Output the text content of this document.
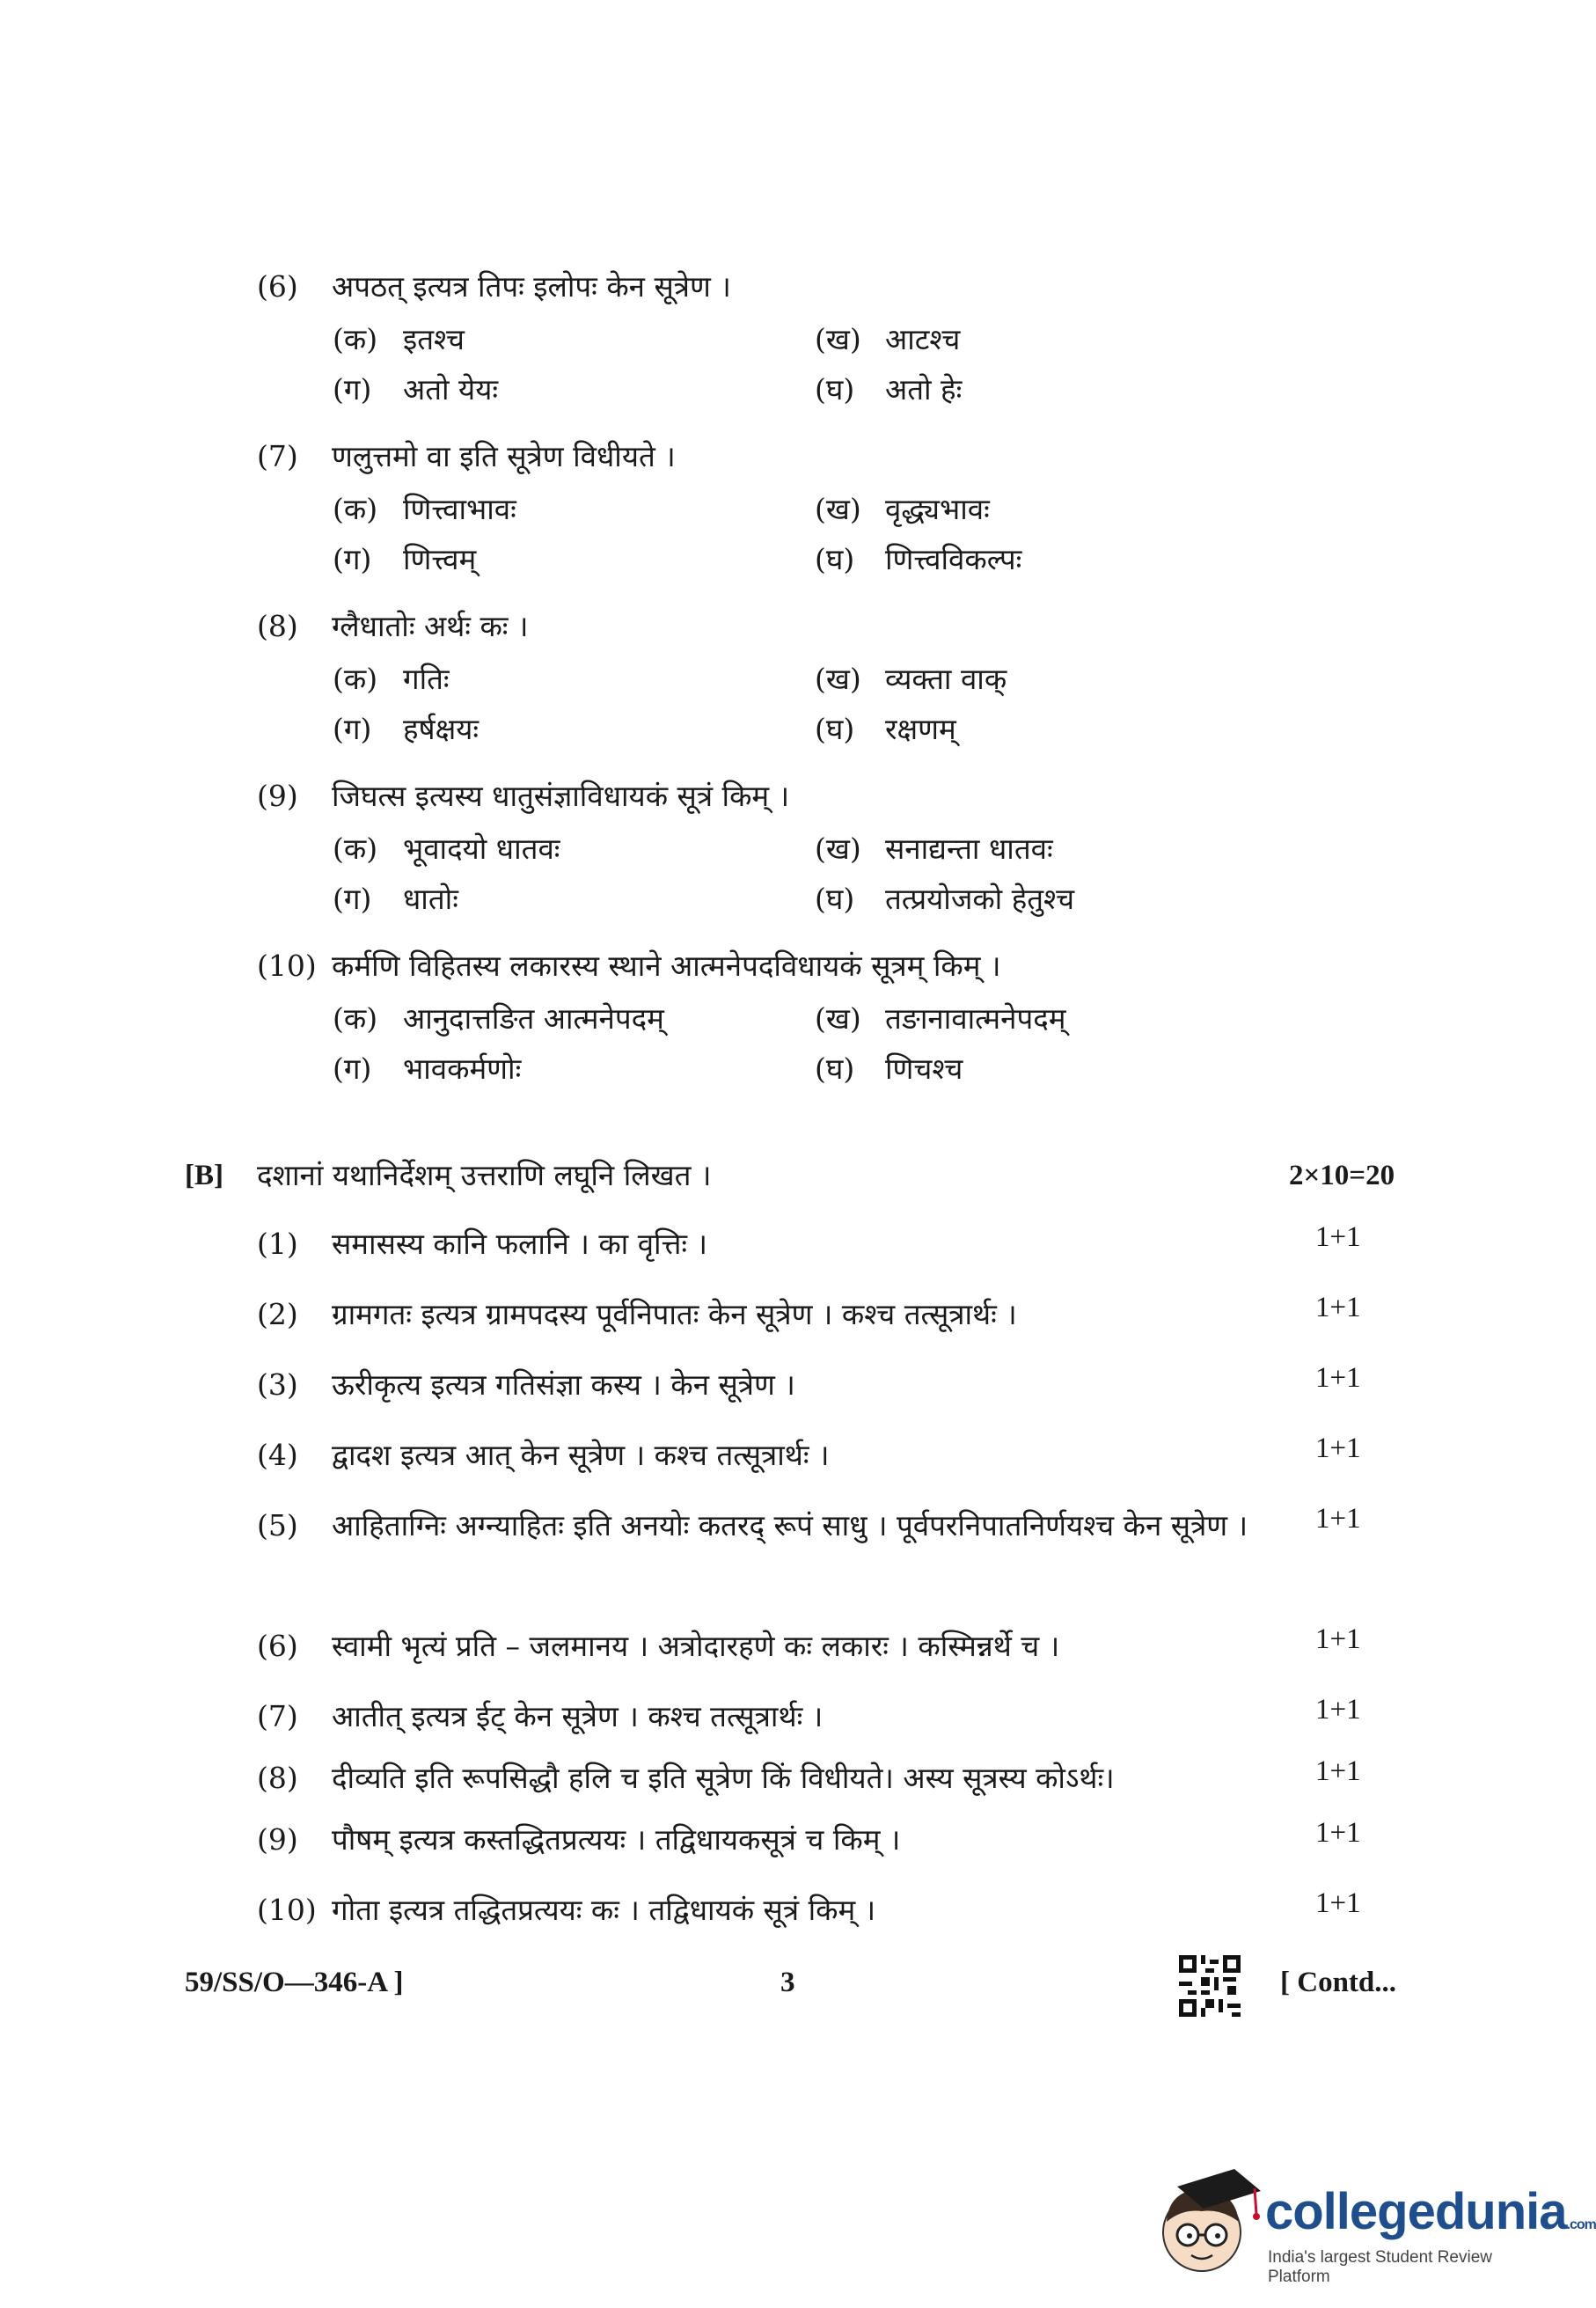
(6) अपठत् इत्यत्र तिपः इलोपः केन सूत्रेण ।
(क) इतश्च	(ख) आटश्च
(ग) अतो येयः	(घ) अतो हेः
(7) णलुत्तमो वा इति सूत्रेण विधीयते ।
(क) णित्त्वाभावः	(ख) वृद्ध्यभावः
(ग) णित्त्वम्	(घ) णित्त्वविकल्पः
(8) ग्लैधातोः अर्थः कः ।
(क) गतिः	(ख) व्यक्ता वाक्
(ग) हर्षक्षयः	(घ) रक्षणम्
(9) जिघत्स इत्यस्य धातुसंज्ञाविधायकं सूत्रं किम् ।
(क) भूवादयो धातवः	(ख) सनाद्यन्ता धातवः
(ग) धातोः	(घ) तत्प्रयोजको हेतुश्च
(10) कर्मणि विहितस्य लकारस्य स्थाने आत्मनेपदविधायकं सूत्रम् किम् ।
(क) आनुदात्तङित आत्मनेपदम्	(ख) तङानावात्मनेपदम्
(ग) भावकर्मणोः	(घ) णिचश्च
[B] दशानां यथानिर्देशम् उत्तराणि लघूनि लिखत ।	2×10=20
(1) समासस्य कानि फलानि । का वृत्तिः ।	1+1
(2) ग्रामगतः इत्यत्र ग्रामपदस्य पूर्वनिपातः केन सूत्रेण । कश्च तत्सूत्रार्थः ।	1+1
(3) ऊरीकृत्य इत्यत्र गतिसंज्ञा कस्य । केन सूत्रेण ।	1+1
(4) द्वादश इत्यत्र आत् केन सूत्रेण । कश्च तत्सूत्रार्थः ।	1+1
(5) आहिताग्निः अग्न्याहितः इति अनयोः कतरद् रूपं साधु । पूर्वपरनिपातनिर्णयश्च केन सूत्रेण ।	1+1
(6) स्वामी भृत्यं प्रति – जलमानय । अत्रोदारहणे कः लकारः । कस्मिन्नर्थे च ।	1+1
(7) आतीत् इत्यत्र ईट् केन सूत्रेण । कश्च तत्सूत्रार्थः ।	1+1
(8) दीव्यति इति रूपसिद्धौ हलि च इति सूत्रेण किं विधीयते। अस्य सूत्रस्य कोऽर्थः।	1+1
(9) पौषम् इत्यत्र कस्तद्धितप्रत्ययः । तद्विधायकसूत्रं च किम् ।	1+1
(10) गोता इत्यत्र तद्धितप्रत्ययः कः । तद्विधायकं सूत्रं किम् ।	1+1
59/SS/O—346-A ]	3	[ Contd...
collegedunia.com
India's largest Student Review Platform
